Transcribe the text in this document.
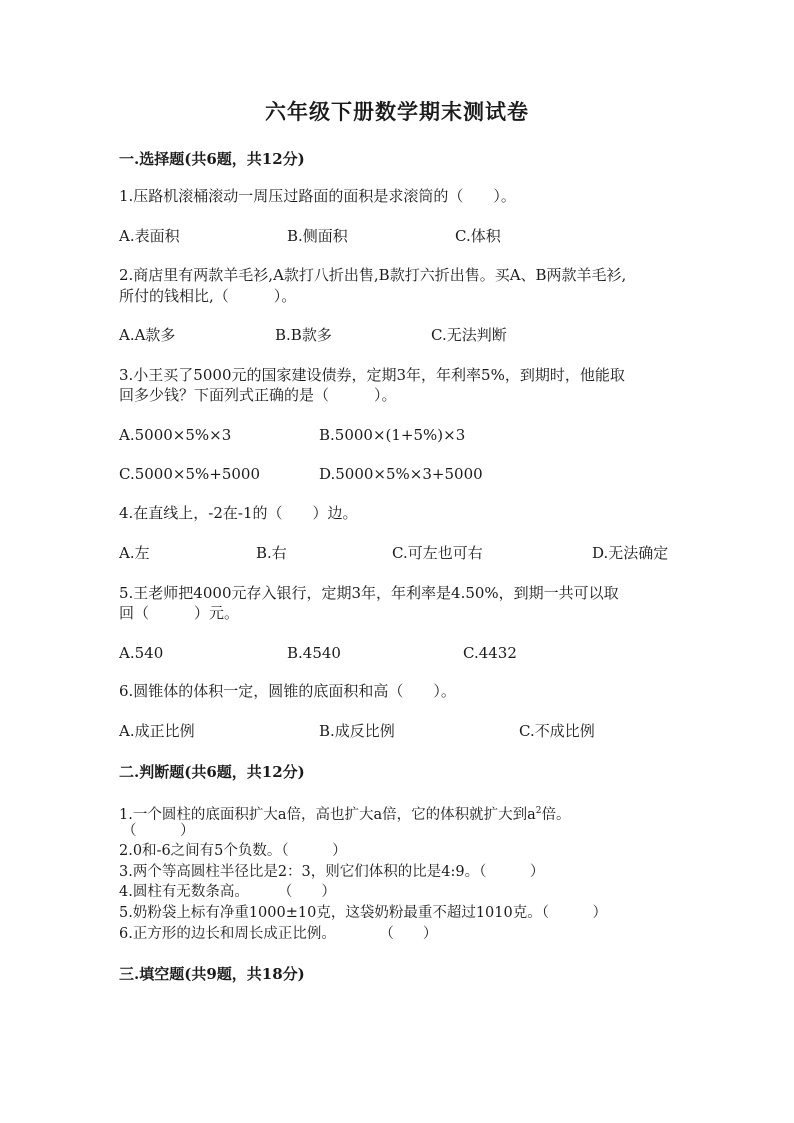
六年级下册数学期末测试卷
一.选择题(共6题，共12分)
1.压路机滚桶滚动一周压过路面的面积是求滚筒的（　　）。
A.表面积	B.侧面积	C.体积
2.商店里有两款羊毛衫,A款打八折出售,B款打六折出售。买A、B两款羊毛衫,
所付的钱相比,（　　　）。
A.A款多	B.B款多	C.无法判断
3.小王买了5000元的国家建设债券，定期3年，年利率5%，到期时，他能取
回多少钱？下面列式正确的是（　　　）。
A.5000×5%×3	B.5000×(1+5%)×3
C.5000×5%+5000	D.5000×5%×3+5000
4.在直线上，-2在-1的（　　）边。
A.左	B.右	C.可左也可右	D.无法确定
5.王老师把4000元存入银行，定期3年，年利率是4.50%，到期一共可以取
回（　　　）元。
A.540	B.4540	C.4432
6.圆锥体的体积一定，圆锥的底面积和高（　　）。
A.成正比例	B.成反比例	C.不成比例
二.判断题(共6题，共12分)
1.一个圆柱的底面积扩大a倍，高也扩大a倍，它的体积就扩大到$a^2$倍。
（　　　）
2.0和-6之间有5个负数。（　　　）
3.两个等高圆柱半径比是2：3，则它们体积的比是4:9。（　　　）
4.圆柱有无数条高。　　　（　　）
5.奶粉袋上标有净重1000±10克，这袋奶粉最重不超过1010克。（　　　）
6.正方形的边长和周长成正比例。　　　　（　　）
三.填空题(共9题，共18分)
